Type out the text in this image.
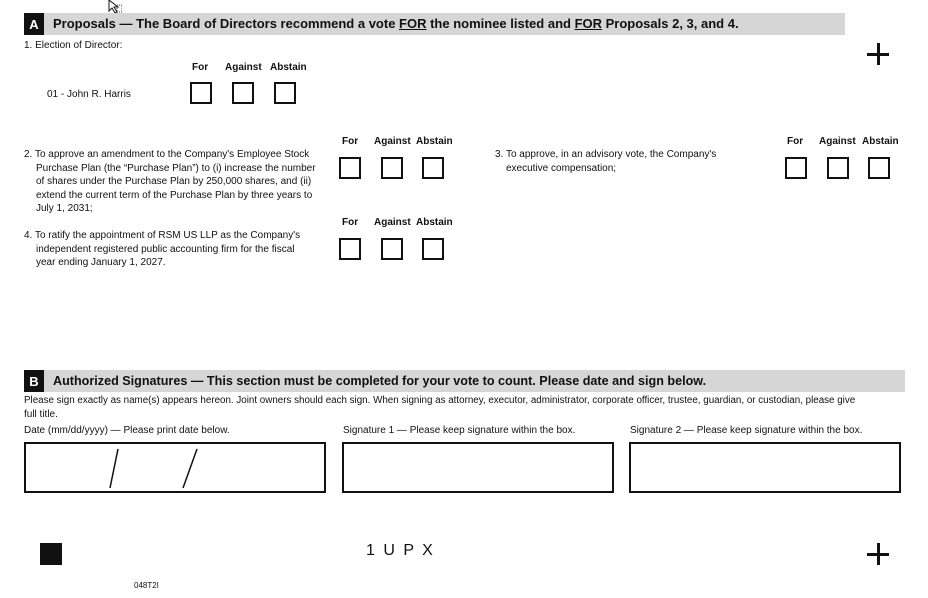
A	Proposals — The Board of Directors recommend a vote FOR the nominee listed and FOR Proposals 2, 3, and 4.
1. Election of Director:
For Against Abstain
01 - John R. Harris
For Against Abstain
2. To approve an amendment to the Company's Employee Stock
Purchase Plan (the “Purchase Plan”) to (i) increase the number
of shares under the Purchase Plan by 250,000 shares, and (ii)
extend the current term of the Purchase Plan by three years to
July 1, 2031;
For Against Abstain
3. To approve, in an advisory vote, the Company's
executive compensation;
For Against Abstain
4. To ratify the appointment of RSM US LLP as the Company's
independent registered public accounting firm for the fiscal
year ending January 1, 2027.
B	Authorized Signatures — This section must be completed for your vote to count. Please date and sign below.
Please sign exactly as name(s) appears hereon. Joint owners should each sign. When signing as attorney, executor, administrator, corporate officer, trustee, guardian, or custodian, please give
full title.
Date (mm/dd/yyyy) — Please print date below.	Signature 1 — Please keep signature within the box.	Signature 2 — Please keep signature within the box.
1 U P X
048T2I
